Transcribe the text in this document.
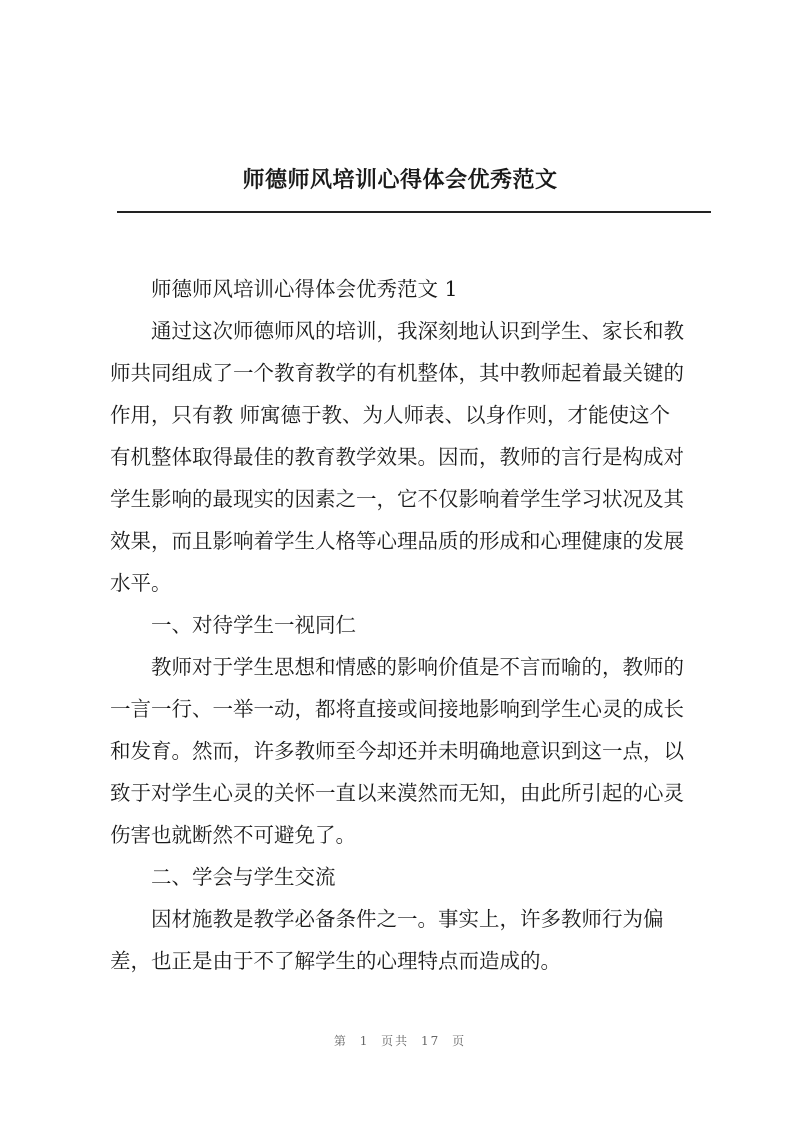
师德师风培训心得体会优秀范文
师德师风培训心得体会优秀范文 1
通过这次师德师风的培训，我深刻地认识到学生、家长和教
师共同组成了一个教育教学的有机整体，其中教师起着最关键的
作用，只有教 师寓德于教、为人师表、以身作则，才能使这个
有机整体取得最佳的教育教学效果。因而，教师的言行是构成对
学生影响的最现实的因素之一，它不仅影响着学生学习状况及其
效果，而且影响着学生人格等心理品质的形成和心理健康的发展
水平。
一、对待学生一视同仁
教师对于学生思想和情感的影响价值是不言而喻的，教师的
一言一行、一举一动，都将直接或间接地影响到学生心灵的成长
和发育。然而，许多教师至今却还并未明确地意识到这一点，以
致于对学生心灵的关怀一直以来漠然而无知，由此所引起的心灵
伤害也就断然不可避免了。
二、学会与学生交流
因材施教是教学必备条件之一。事实上，许多教师行为偏
差，也正是由于不了解学生的心理特点而造成的。
第 1 页共 17 页
